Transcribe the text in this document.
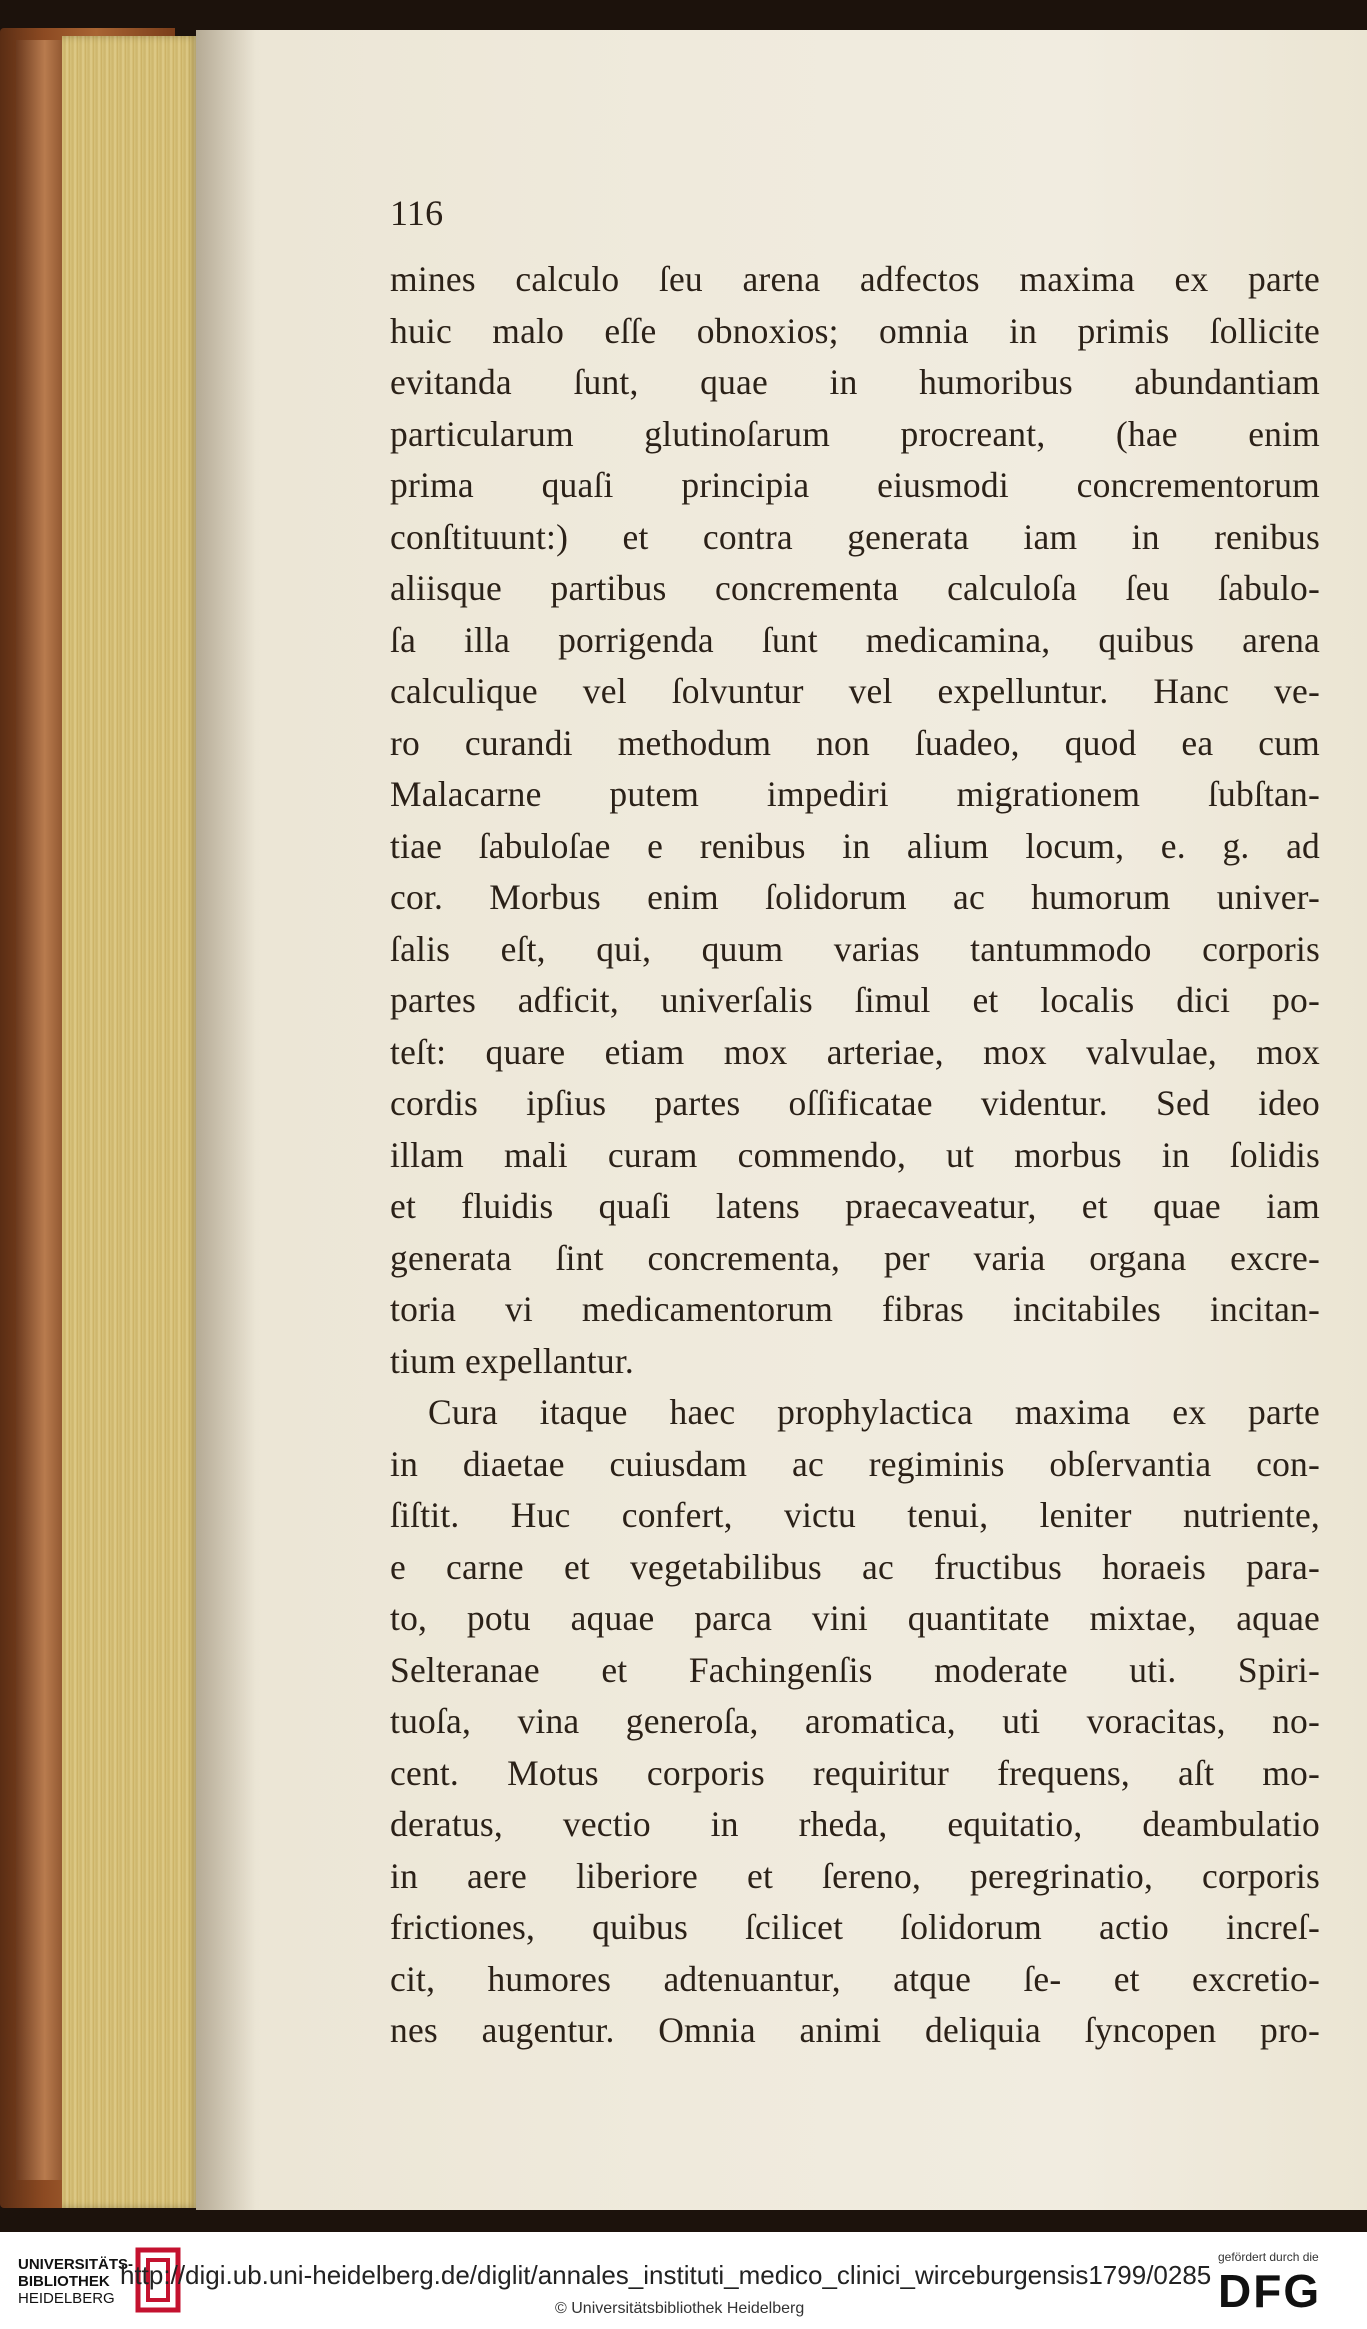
116
mines calculo ſeu arena adfectos maxima ex parte
huic malo eſſe obnoxios; omnia in primis ſollicite
evitanda ſunt, quae in humoribus abundantiam
particularum glutinoſarum procreant, (hae enim
prima quaſi principia eiusmodi concrementorum
conſtituunt:) et contra generata iam in renibus
aliisque partibus concrementa calculoſa ſeu ſabulo-
ſa illa porrigenda ſunt medicamina, quibus arena
calculique vel ſolvuntur vel expelluntur. Hanc ve-
ro curandi methodum non ſuadeo, quod ea cum
Malacarne putem impediri migrationem ſubſtan-
tiae ſabuloſae e renibus in alium locum, e. g. ad
cor. Morbus enim ſolidorum ac humorum univer-
ſalis eſt, qui, quum varias tantummodo corporis
partes adficit, univerſalis ſimul et localis dici po-
teſt: quare etiam mox arteriae, mox valvulae, mox
cordis ipſius partes oſſificatae videntur. Sed ideo
illam mali curam commendo, ut morbus in ſolidis
et fluidis quaſi latens praecaveatur, et quae iam
generata ſint concrementa, per varia organa excre-
toria vi medicamentorum fibras incitabiles incitan-
tium expellantur.
Cura itaque haec prophylactica maxima ex parte
in diaetae cuiusdam ac regiminis obſervantia con-
ſiſtit. Huc confert, victu tenui, leniter nutriente,
e carne et vegetabilibus ac fructibus horaeis para-
to, potu aquae parca vini quantitate mixtae, aquae
Selteranae et Fachingenſis moderate uti. Spiri-
tuoſa, vina generoſa, aromatica, uti voracitas, no-
cent. Motus corporis requiritur frequens, aſt mo-
deratus, vectio in rheda, equitatio, deambulatio
in aere liberiore et ſereno, peregrinatio, corporis
frictiones, quibus ſcilicet ſolidorum actio increſ-
cit, humores adtenuantur, atque ſe- et excretio-
nes augentur. Omnia animi deliquia ſyncopen pro-
UNIVERSITÄTS-
BIBLIOTHEK
HEIDELBERG
http://digi.ub.uni-heidelberg.de/diglit/annales_instituti_medico_clinici_wirceburgensis1799/0285
© Universitätsbibliothek Heidelberg
gefördert durch die
DFG
